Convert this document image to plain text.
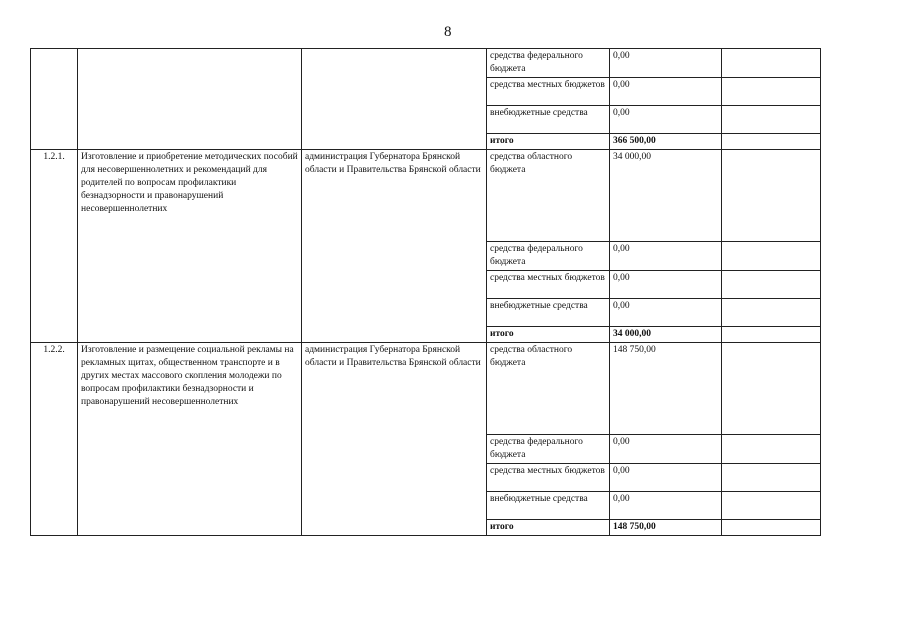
8
			средства федерального бюджета	0,00	
			средства местных бюджетов	0,00	
			внебюджетные средства	0,00	
			итого	366 500,00	
1.2.1.	Изготовление и приобретение методических пособий для несовершеннолетних и рекомендаций для родителей по вопросам профилактики безнадзорности и правонарушений несовершеннолетних	администрация Губернатора Брянской области и Правительства Брянской области	средства областного бюджета	34 000,00	
			средства федерального бюджета	0,00	
			средства местных бюджетов	0,00	
			внебюджетные средства	0,00	
			итого	34 000,00	
1.2.2.	Изготовление и размещение социальной рекламы на рекламных щитах, общественном транспорте и в других местах массового скопления молодежи по вопросам профилактики безнадзорности и правонарушений несовершеннолетних	администрация Губернатора Брянской области и Правительства Брянской области	средства областного бюджета	148 750,00	
			средства федерального бюджета	0,00	
			средства местных бюджетов	0,00	
			внебюджетные средства	0,00	
			итого	148 750,00	
